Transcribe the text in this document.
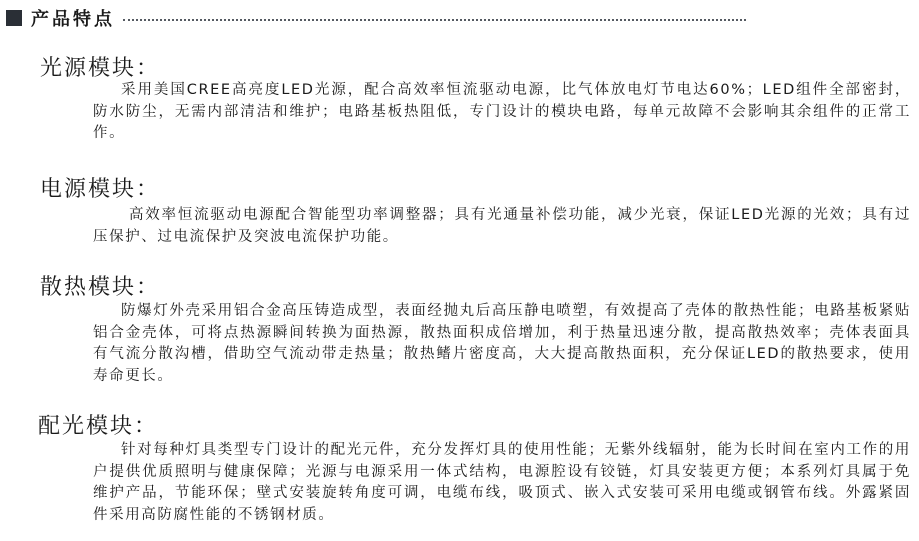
产品特点
光源模块：
采用美国CREE高亮度LED光源，配合高效率恒流驱动电源，比气体放电灯节电达60%；LED组件全部密封，防水防尘，无需内部清洁和维护；电路基板热阻低，专门设计的模块电路，每单元故障不会影响其余组件的正常工作。
电源模块：
高效率恒流驱动电源配合智能型功率调整器；具有光通量补偿功能，减少光衰，保证LED光源的光效；具有过压保护、过电流保护及突波电流保护功能。
散热模块：
防爆灯外壳采用铝合金高压铸造成型，表面经抛丸后高压静电喷塑，有效提高了壳体的散热性能；电路基板紧贴铝合金壳体，可将点热源瞬间转换为面热源，散热面积成倍增加，利于热量迅速分散，提高散热效率；壳体表面具有气流分散沟槽，借助空气流动带走热量；散热鳍片密度高，大大提高散热面积，充分保证LED的散热要求，使用寿命更长。
配光模块：
针对每种灯具类型专门设计的配光元件，充分发挥灯具的使用性能；无紫外线辐射，能为长时间在室内工作的用户提供优质照明与健康保障；光源与电源采用一体式结构，电源腔设有铰链，灯具安装更方便；本系列灯具属于免维护产品，节能环保；壁式安装旋转角度可调，电缆布线，吸顶式、嵌入式安装可采用电缆或钢管布线。外露紧固件采用高防腐性能的不锈钢材质。
